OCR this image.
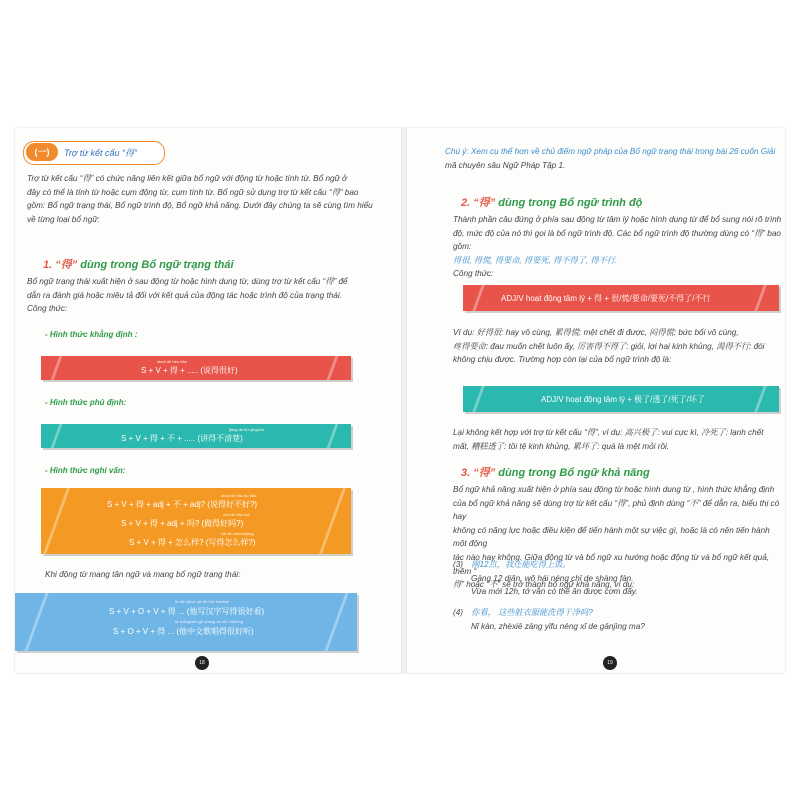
(一)	Trợ từ kết cấu “得”
Trợ từ kết cấu “得” có chức năng liên kết giữa bổ ngữ với động từ hoặc tính từ. Bổ ngữ ở
đây có thể là tính từ hoặc cụm động từ, cụm tính từ. Bổ ngữ sử dụng trợ từ kết cấu “得” bao
gồm: Bổ ngữ trạng thái, Bổ ngữ trình độ, Bổ ngữ khả năng. Dưới đây chúng ta sẽ cùng tìm hiểu
về từng loại bổ ngữ:
1. “得” dùng trong Bổ ngữ trạng thái
Bổ ngữ trạng thái xuất hiện ở sau động từ hoặc hình dung từ, dùng trợ từ kết cấu “得” để
dẫn ra đánh giá hoặc miêu tả đối với kết quả của động tác hoặc trình độ của trạng thái.
Công thức:
- Hình thức khẳng định :
shuō de hěn hǎo
S + V + 得 + ..... (说得很好)
- Hình thức phủ định:
jiǎng de bù qīngchu
S + V + 得 + 不 + ..... (讲得不清楚)
- Hình thức nghi vấn:
shuō de hǎo bu hǎo
S + V + 得 + adj + 不 + adj? (说得好不好?)
zuò de hǎo ma
S + V + 得 + adj + 吗? (做得好吗?)
xiě de zěnmeyàng
S + V + 得 + 怎么样? (写得怎么样?)
Khi động từ mang tân ngữ và mang bổ ngữ trạng thái:
tā xiě hànzì xiě de hěn hǎokàn
S + V + O + V + 得 ... (他写汉字写得很好看)
tā zhōngwén gē chàng de hěn hǎotīng
S + O + V + 得 ... (他中文歌唱得很好听)
18
Chú ý: Xem cụ thể hơn về chủ điểm ngữ pháp của Bổ ngữ trạng thái trong bài 26 cuốn Giải
mã chuyên sâu Ngữ Pháp Tập 1.
2. “得” dùng trong Bổ ngữ trình độ
Thành phần câu đứng ở phía sau động từ tâm lý hoặc hình dung từ để bổ sung nói rõ trình
độ, mức độ của nó thì gọi là bổ ngữ trình độ. Các bổ ngữ trình độ thường dùng có “得” bao gồm:
得很, 得慌, 得要命, 得要死, 得不得了, 得不行.
Công thức:
ADJ/V hoạt động tâm lý + 得 + 很/慌/要命/要死/不得了/不行
Ví dụ: 好得很: hay vô cùng, 累得慌: mệt chết đi được, 闷得慌: bức bối vô cùng,
疼得要命: đau muốn chết luôn ấy, 厉害得不得了: giỏi, lợi hại kinh khủng, 渴得不行: đói
không chịu được. Trường hợp còn lại của bổ ngữ trình độ là:
ADJ/V hoạt động tâm lý + 极了/透了/死了/坏了
Lại không kết hợp với trợ từ kết cấu “得”, ví dụ: 高兴极了: vui cực kì, 冷死了: lạnh chết
mất, 糟糕透了: tồi tệ kinh khủng, 累坏了: quá là mệt mỏi rồi.
3. “得” dùng trong Bổ ngữ khả năng
Bổ ngữ khả năng xuất hiện ở phía sau động từ hoặc hình dung từ , hình thức khẳng định
của bổ ngữ khả năng sẽ dùng trợ từ kết cấu “得”, phủ định dùng “不” để dẫn ra, biểu thị có hay
không có năng lực hoặc điều kiện để tiến hành một sự việc gì, hoặc là có nên tiến hành một động
tác nào hay không. Giữa động từ và bổ ngữ xu hướng hoặc động từ và bổ ngữ kết quả, thêm “
得” hoặc “不” sẽ trở thành bổ ngữ khả năng, ví dụ:
(3) 刚12点，我还能吃得上饭。
Gāng 12 diǎn, wǒ hái néng chī de shàng fàn.
Vừa mới 12h, tớ vẫn có thể ăn được cơm đấy.
(4) 你看， 这些脏衣服能洗得干净吗?
Nǐ kàn, zhèxiē zāng yīfu néng xǐ de gānjìng ma?
19
